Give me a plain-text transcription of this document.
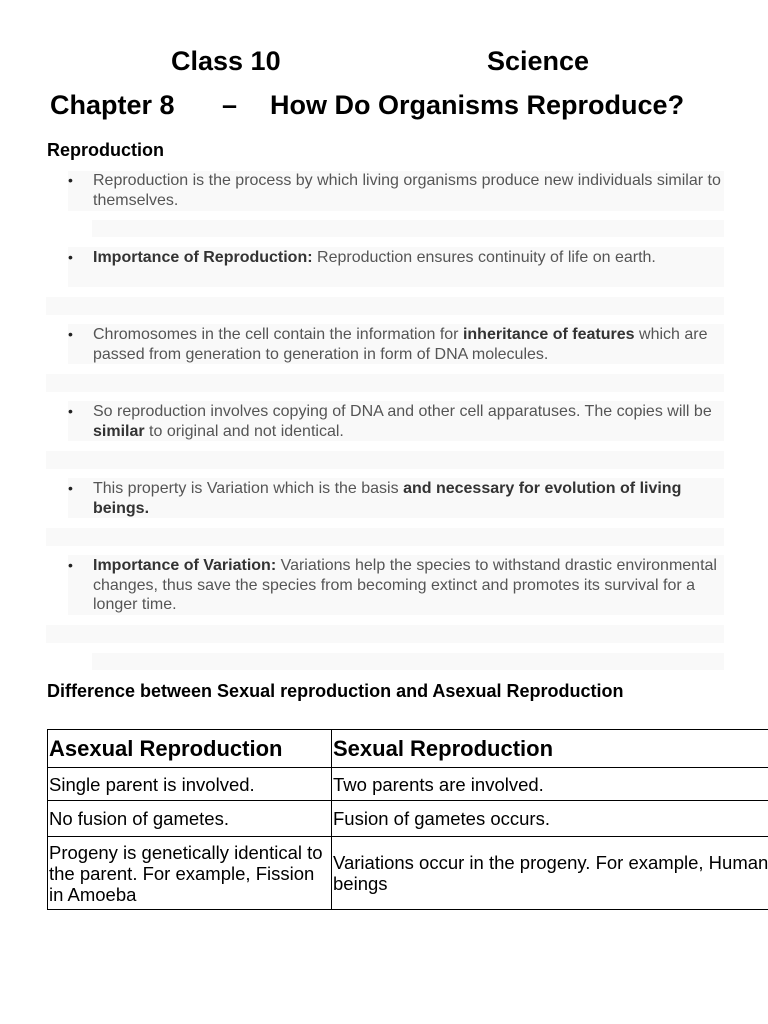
Class 10	Science
Chapter 8 – How Do Organisms Reproduce?
Reproduction
• Reproduction is the process by which living organisms produce new individuals similar to themselves.
• Importance of Reproduction: Reproduction ensures continuity of life on earth.
• Chromosomes in the cell contain the information for inheritance of features which are passed from generation to generation in form of DNA molecules.
• So reproduction involves copying of DNA and other cell apparatuses. The copies will be similar to original and not identical.
• This property is Variation which is the basis and necessary for evolution of living beings.
• Importance of Variation: Variations help the species to withstand drastic environmental changes, thus save the species from becoming extinct and promotes its survival for a longer time.
Difference between Sexual reproduction and Asexual Reproduction
Asexual Reproduction	Sexual Reproduction
Single parent is involved.	Two parents are involved.
No fusion of gametes.	Fusion of gametes occurs.
Progeny is genetically identical to the parent. For example, Fission in Amoeba	Variations occur in the progeny. For example, Human beings
